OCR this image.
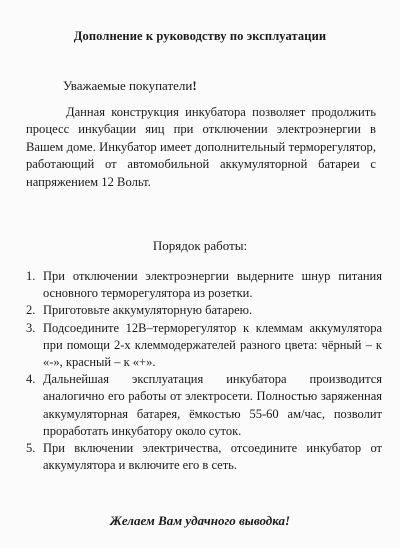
Дополнение к руководству по эксплуатации
Уважаемые покупатели!

Данная конструкция инкубатора позволяет продолжить процесс инкубации яиц при отключении электроэнергии в Вашем доме. Инкубатор имеет дополнительный терморегулятор, работающий от автомобильной аккумуляторной батареи с напряжением 12 Вольт.

Порядок работы:
1. При отключении электроэнергии выдерните шнур питания основного терморегулятора из розетки.
2. Приготовьте аккумуляторную батарею.
3. Подсоедините 12В–терморегулятор к клеммам аккумулятора при помощи 2-х клеммодержателей разного цвета: чёрный – к «-», красный – к «+».
4. Дальнейшая эксплуатация инкубатора производится аналогично его работы от электросети. Полностью заряженная аккумуляторная батарея, ёмкостью 55-60 ам/час, позволит проработать инкубатору около суток.
5. При включении электричества, отсоедините инкубатор от аккумулятора и включите его в сеть.
Желаем Вам удачного выводка!
